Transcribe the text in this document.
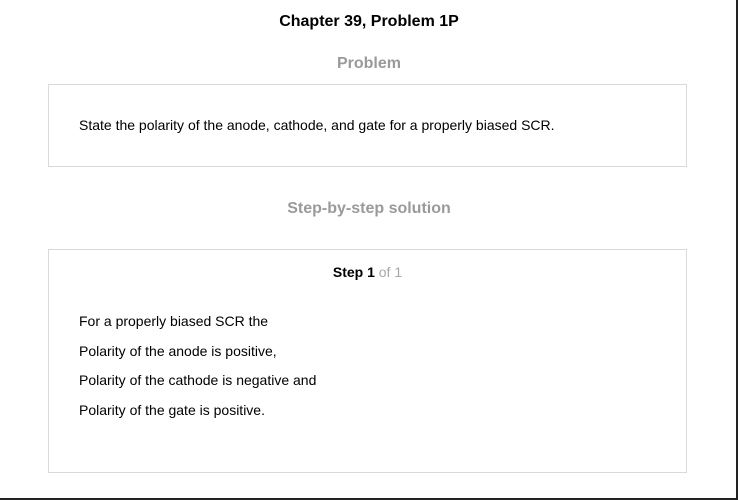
Chapter 39, Problem 1P
Problem
State the polarity of the anode, cathode, and gate for a properly biased SCR.
Step-by-step solution
Step 1 of 1
For a properly biased SCR the
Polarity of the anode is positive,
Polarity of the cathode is negative and
Polarity of the gate is positive.
